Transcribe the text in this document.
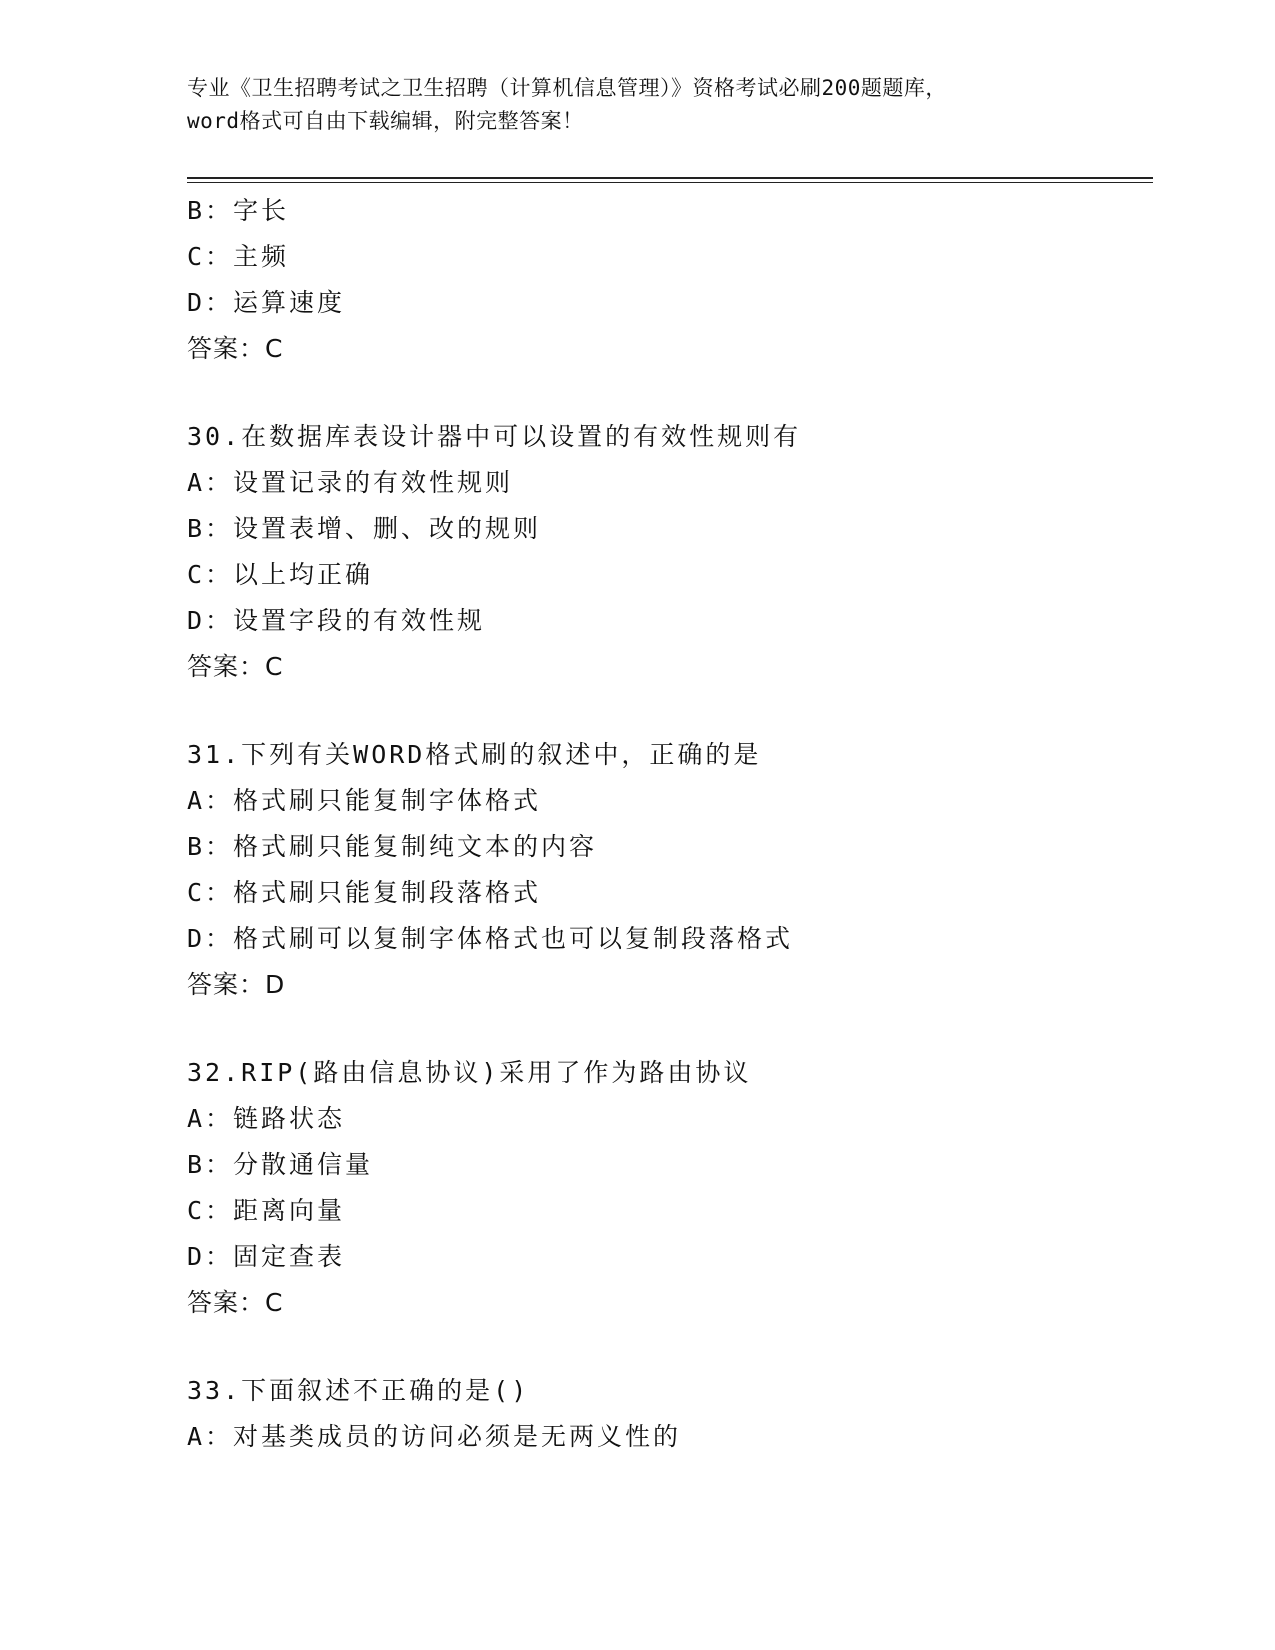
专业《卫生招聘考试之卫生招聘（计算机信息管理）》资格考试必刷200题题库，
word格式可自由下载编辑，附完整答案！
B：字长
C：主频
D：运算速度
答案：C
30.在数据库表设计器中可以设置的有效性规则有
A：设置记录的有效性规则
B：设置表增、删、改的规则
C：以上均正确
D：设置字段的有效性规
答案：C
31.下列有关WORD格式刷的叙述中，正确的是
A：格式刷只能复制字体格式
B：格式刷只能复制纯文本的内容
C：格式刷只能复制段落格式
D：格式刷可以复制字体格式也可以复制段落格式
答案：D
32.RIP(路由信息协议)采用了作为路由协议
A：链路状态
B：分散通信量
C：距离向量
D：固定查表
答案：C
33.下面叙述不正确的是()
A：对基类成员的访问必须是无两义性的
